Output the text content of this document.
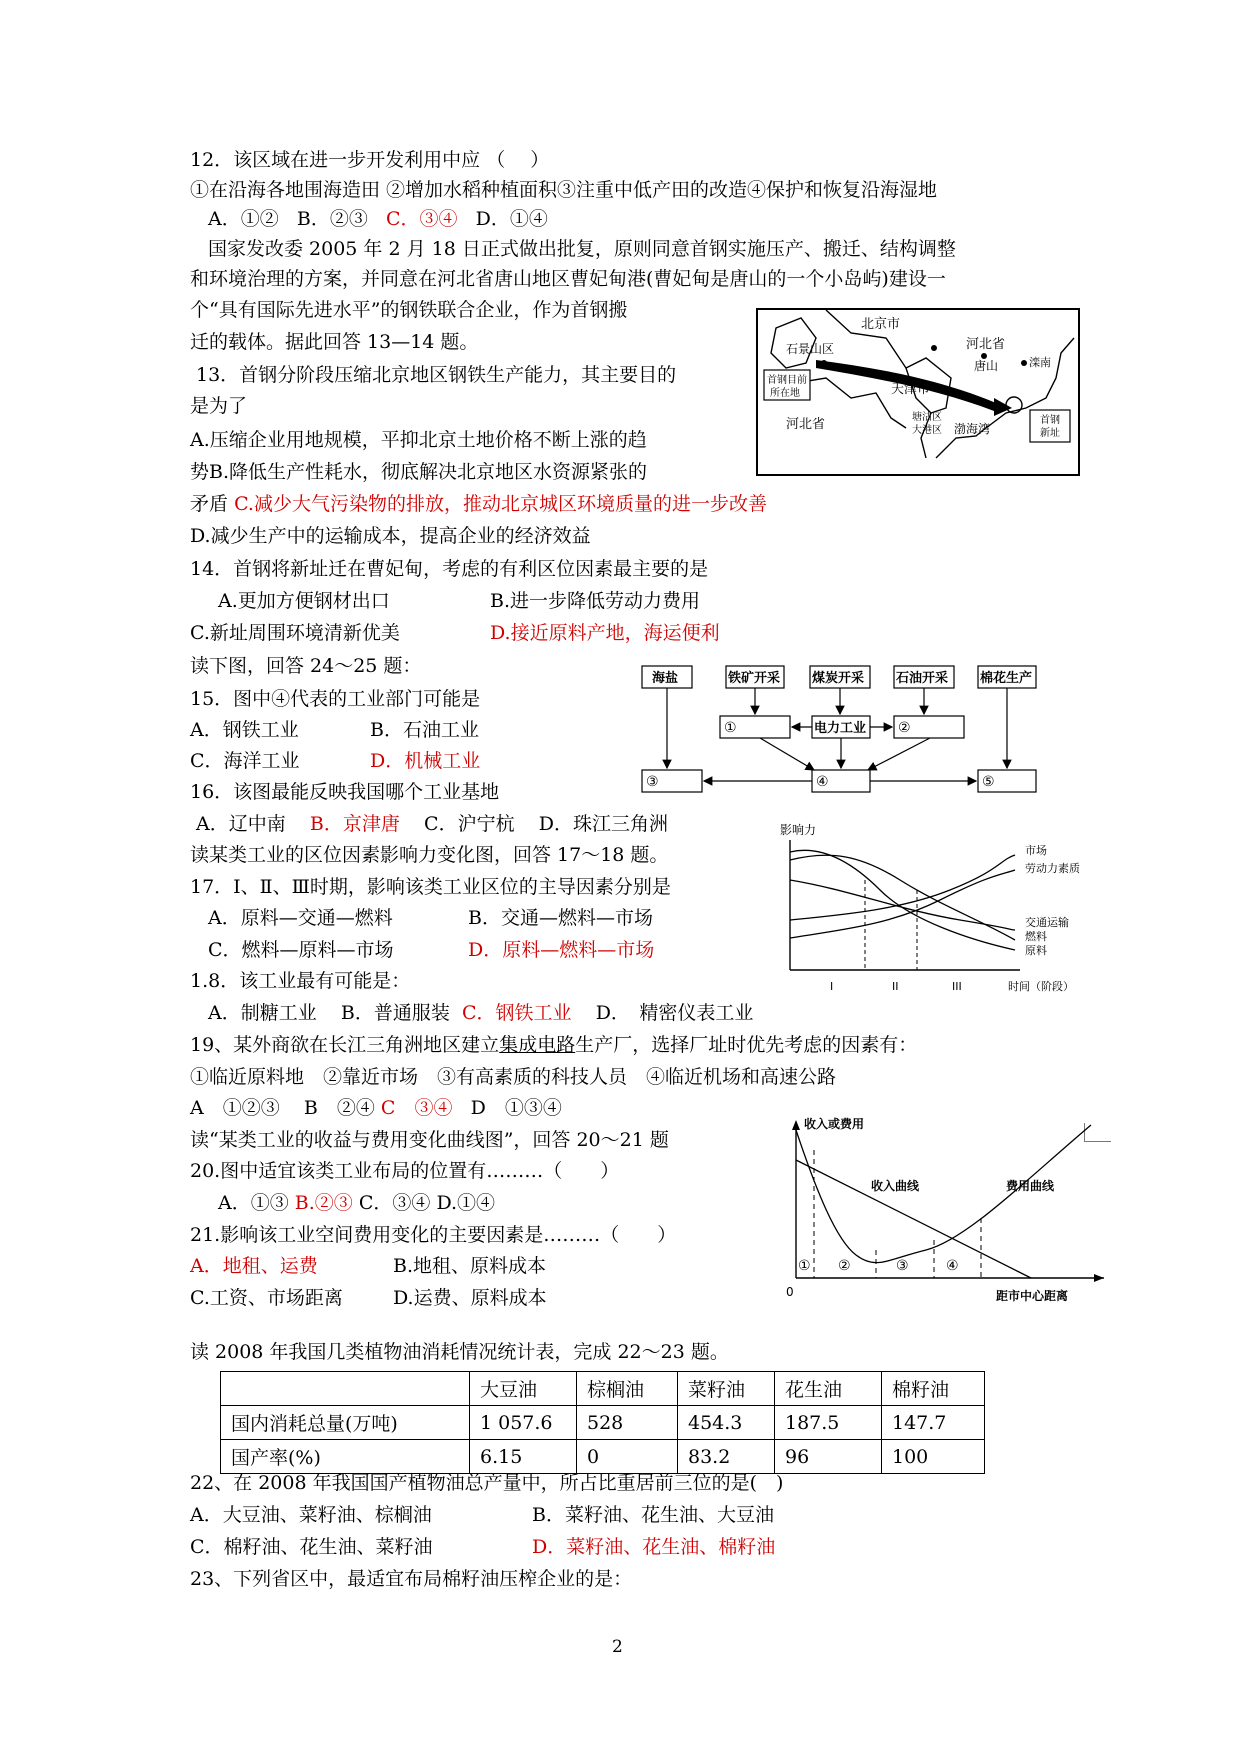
12．该区域在进一步开发利用中应 （　 ）
①在沿海各地围海造田 ②增加水稻种植面积③注重中低产田的改造④保护和恢复沿海湿地
A．①② B．②③ C．③④ D．①④
国家发改委 2005 年 2 月 18 日正式做出批复，原则同意首钢实施压产、搬迁、结构调整
和环境治理的方案，并同意在河北省唐山地区曹妃甸港(曹妃甸是唐山的一个小岛屿)建设一
个“具有国际先进水平”的钢铁联合企业，作为首钢搬
迁的载体。据此回答 13—14 题。
13．首钢分阶段压缩北京地区钢铁生产能力，其主要目的
是为了
A.压缩企业用地规模，平抑北京土地价格不断上涨的趋
势B.降低生产性耗水，彻底解决北京地区水资源紧张的
矛盾 C.减少大气污染物的排放，推动北京城区环境质量的进一步改善
D.减少生产中的运输成本，提高企业的经济效益
北京市
河北省
石景山区
首钢目前
所在地
唐山	滦南
天津市
塘沽区
大港区
河北省	渤海湾
首钢
新址
14．首钢将新址迁在曹妃甸，考虑的有利区位因素最主要的是
A.更加方便钢材出口	B.进一步降低劳动力费用
C.新址周围环境清新优美	D.接近原料产地，海运便利
读下图，回答 24～25 题：
海盐	铁矿开采 煤炭开采 石油开采 棉花生产
电力工业
①	②
③	④	⑤
15．图中④代表的工业部门可能是
A．钢铁工业	B．石油工业
C．海洋工业	D．机械工业
16．该图最能反映我国哪个工业基地
A．辽中南 B．京津唐 C．沪宁杭 D．珠江三角洲
读某类工业的区位因素影响力变化图，回答 17～18 题。
影响力
市场
劳动力素质
交通运输
燃料
原料
I	II	III	时间（阶段）
17．Ⅰ、Ⅱ、Ⅲ时期，影响该类工业区位的主导因素分别是
A．原料—交通—燃料	B．交通—燃料—市场
C．燃料—原料—市场	D．原料—燃料—市场
1.8．该工业最有可能是：
A．制糖工业 B．普通服装 C．钢铁工业 D．　精密仪表工业
19、某外商欲在长江三角洲地区建立集成电路生产厂，选择厂址时优先考虑的因素有：
①临近原料地　②靠近市场　③有高素质的科技人员　④临近机场和高速公路
A　①②③ B　②④ C　③④ D　①③④
读“某类工业的收益与费用变化曲线图”，回答 20～21 题
收入或费用
收入曲线	费用曲线
① ②	③	④
0	距市中心距离
20.图中适宜该类工业布局的位置有………（　　）
A．①③ B.②③ C．③④ D.①④
21.影响该工业空间费用变化的主要因素是………（　　）
A．地租、运费	B.地租、原料成本
C.工资、市场距离	D.运费、原料成本
读 2008 年我国几类植物油消耗情况统计表，完成 22～23 题。
	大豆油	棕榈油	菜籽油	花生油	棉籽油
国内消耗总量(万吨)	1 057.6	528	454.3	187.5	147.7
国产率(%)	6.15	0	83.2	96	100
22、在 2008 年我国国产植物油总产量中，所占比重居前三位的是(　)
A．大豆油、菜籽油、棕榈油	B．菜籽油、花生油、大豆油
C．棉籽油、花生油、菜籽油	D．菜籽油、花生油、棉籽油
23、下列省区中，最适宜布局棉籽油压榨企业的是：
2
